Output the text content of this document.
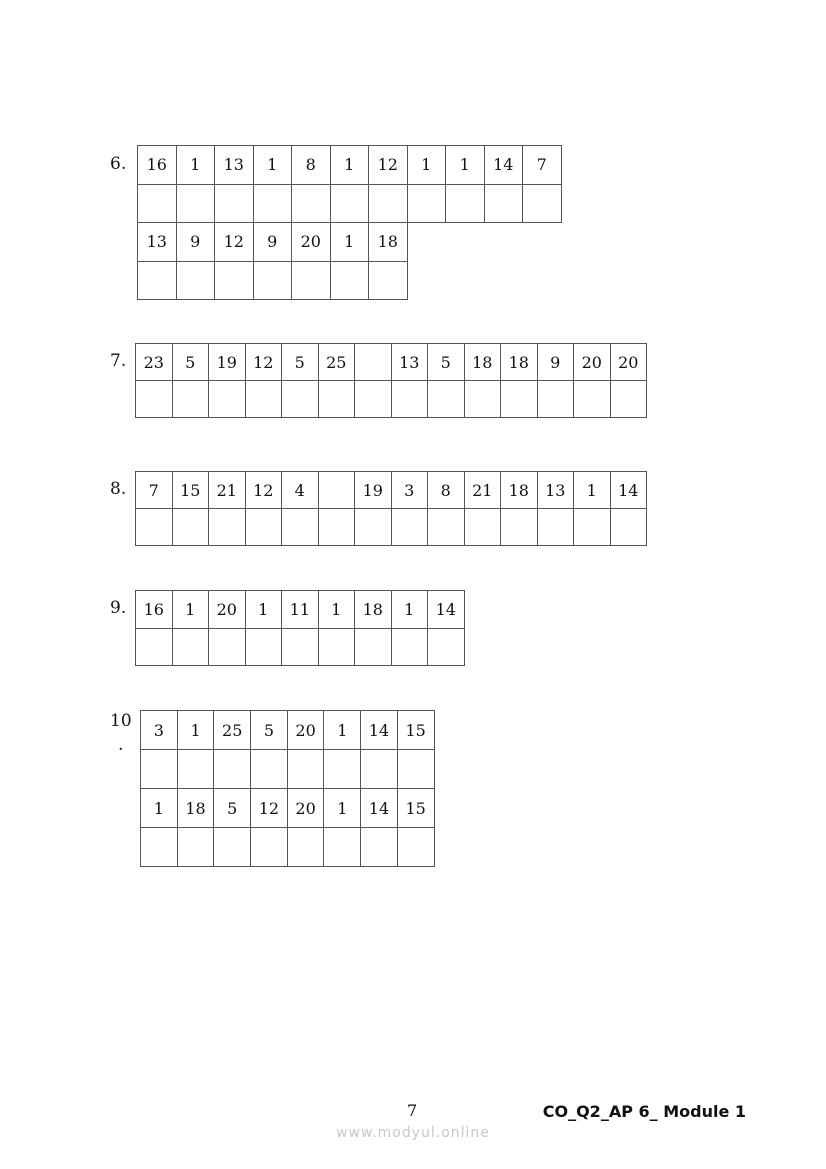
6. 16	1	13	1	8	1	12	1	1	14	7

13	9	12	9	20	1	18				

7. 23	5	19	12	5	25		13	5	18	18	9	20	20

8. 7	15	21	12	4		19	3	8	21	18	13	1	14

9. 16	1	20	1	11	1	18	1	14

10
.
3	1	25	5	20	1	14	15

1	18	5	12	20	1	14	15

7	CO_Q2_AP 6_ Module 1
www.modyul.online
